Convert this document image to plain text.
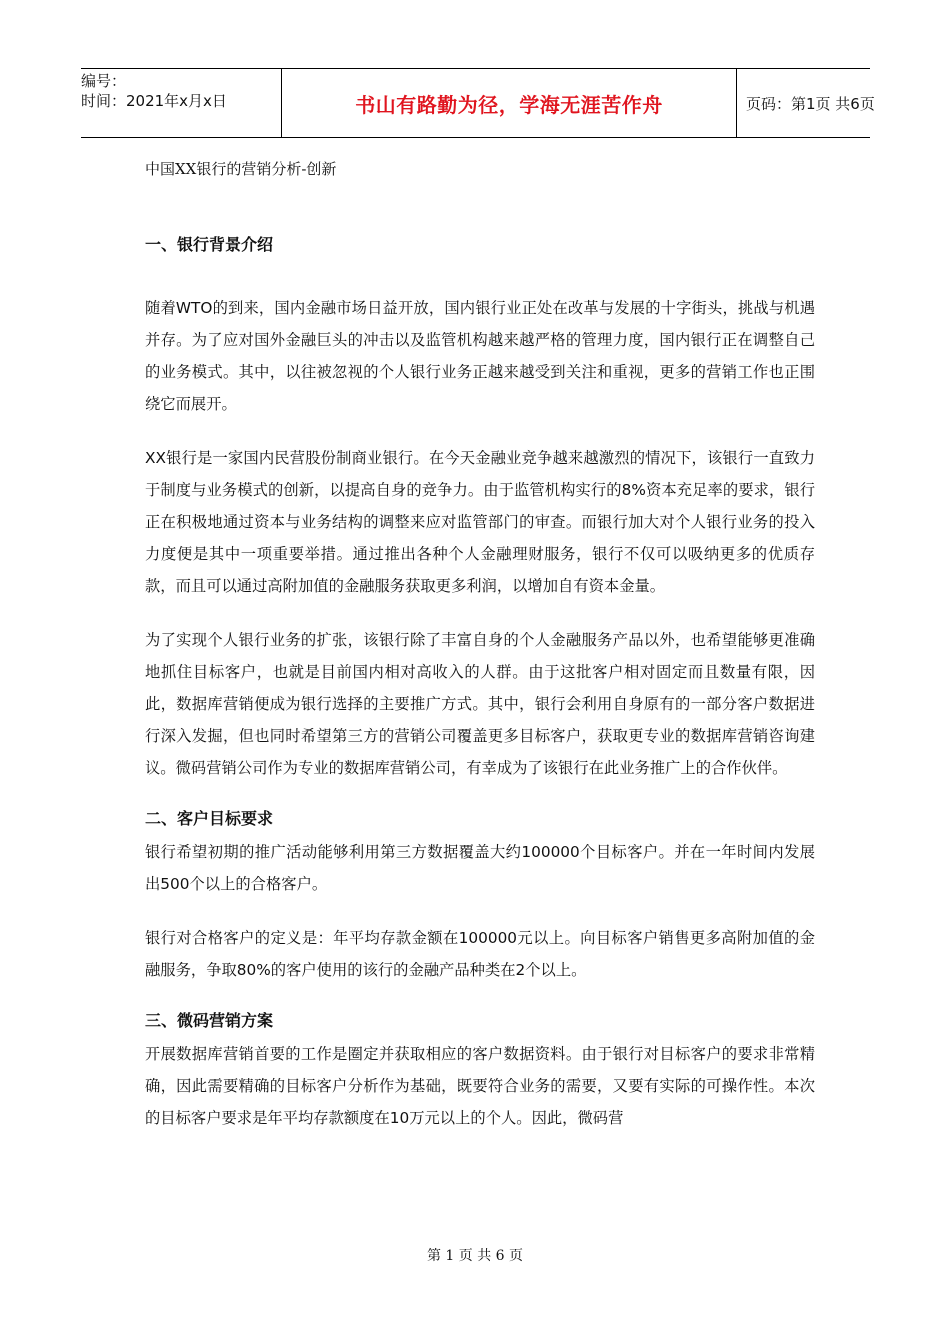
编号：
时间：2021年x月x日	书山有路勤为径，学海无涯苦作舟	页码：第1页 共6页
中国XX银行的营销分析-创新

一、银行背景介绍

随着WTO的到来，国内金融市场日益开放，国内银行业正处在改革与发展的十字街头，挑战与机遇并存。为了应对国外金融巨头的冲击以及监管机构越来越严格的管理力度，国内银行正在调整自己的业务模式。其中，以往被忽视的个人银行业务正越来越受到关注和重视，更多的营销工作也正围绕它而展开。

XX银行是一家国内民营股份制商业银行。在今天金融业竞争越来越激烈的情况下，该银行一直致力于制度与业务模式的创新，以提高自身的竞争力。由于监管机构实行的8%资本充足率的要求，银行正在积极地通过资本与业务结构的调整来应对监管部门的审查。而银行加大对个人银行业务的投入力度便是其中一项重要举措。通过推出各种个人金融理财服务，银行不仅可以吸纳更多的优质存款，而且可以通过高附加值的金融服务获取更多利润，以增加自有资本金量。

为了实现个人银行业务的扩张，该银行除了丰富自身的个人金融服务产品以外，也希望能够更准确地抓住目标客户，也就是目前国内相对高收入的人群。由于这批客户相对固定而且数量有限，因此，数据库营销便成为银行选择的主要推广方式。其中，银行会利用自身原有的一部分客户数据进行深入发掘，但也同时希望第三方的营销公司覆盖更多目标客户，获取更专业的数据库营销咨询建议。微码营销公司作为专业的数据库营销公司，有幸成为了该银行在此业务推广上的合作伙伴。

二、客户目标要求

银行希望初期的推广活动能够利用第三方数据覆盖大约100000个目标客户。并在一年时间内发展出500个以上的合格客户。

银行对合格客户的定义是：年平均存款金额在100000元以上。向目标客户销售更多高附加值的金融服务，争取80%的客户使用的该行的金融产品种类在2个以上。

三、微码营销方案

开展数据库营销首要的工作是圈定并获取相应的客户数据资料。由于银行对目标客户的要求非常精确，因此需要精确的目标客户分析作为基础，既要符合业务的需要，又要有实际的可操作性。本次的目标客户要求是年平均存款额度在10万元以上的个人。因此，微码营

第 1 页 共 6 页
